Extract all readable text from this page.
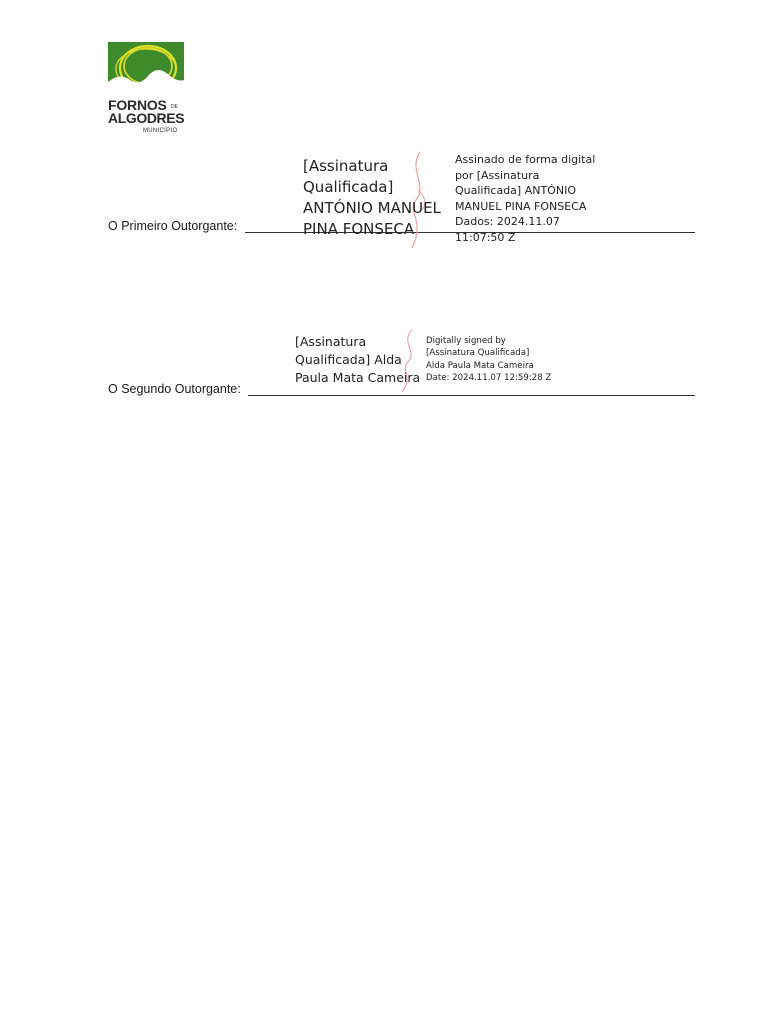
FORNOS DE
ALGODRES
MUNICÍPIO
O Primeiro Outorgante:
[Assinatura
Qualificada]
ANTÓNIO MANUEL
PINA FONSECA
Assinado de forma digital
por [Assinatura
Qualificada] ANTÓNIO
MANUEL PINA FONSECA
Dados: 2024.11.07
11:07:50 Z
O Segundo Outorgante:
[Assinatura
Qualificada] Alda
Paula Mata Cameira
Digitally signed by
[Assinatura Qualificada]
Alda Paula Mata Cameira
Date: 2024.11.07 12:59:28 Z
